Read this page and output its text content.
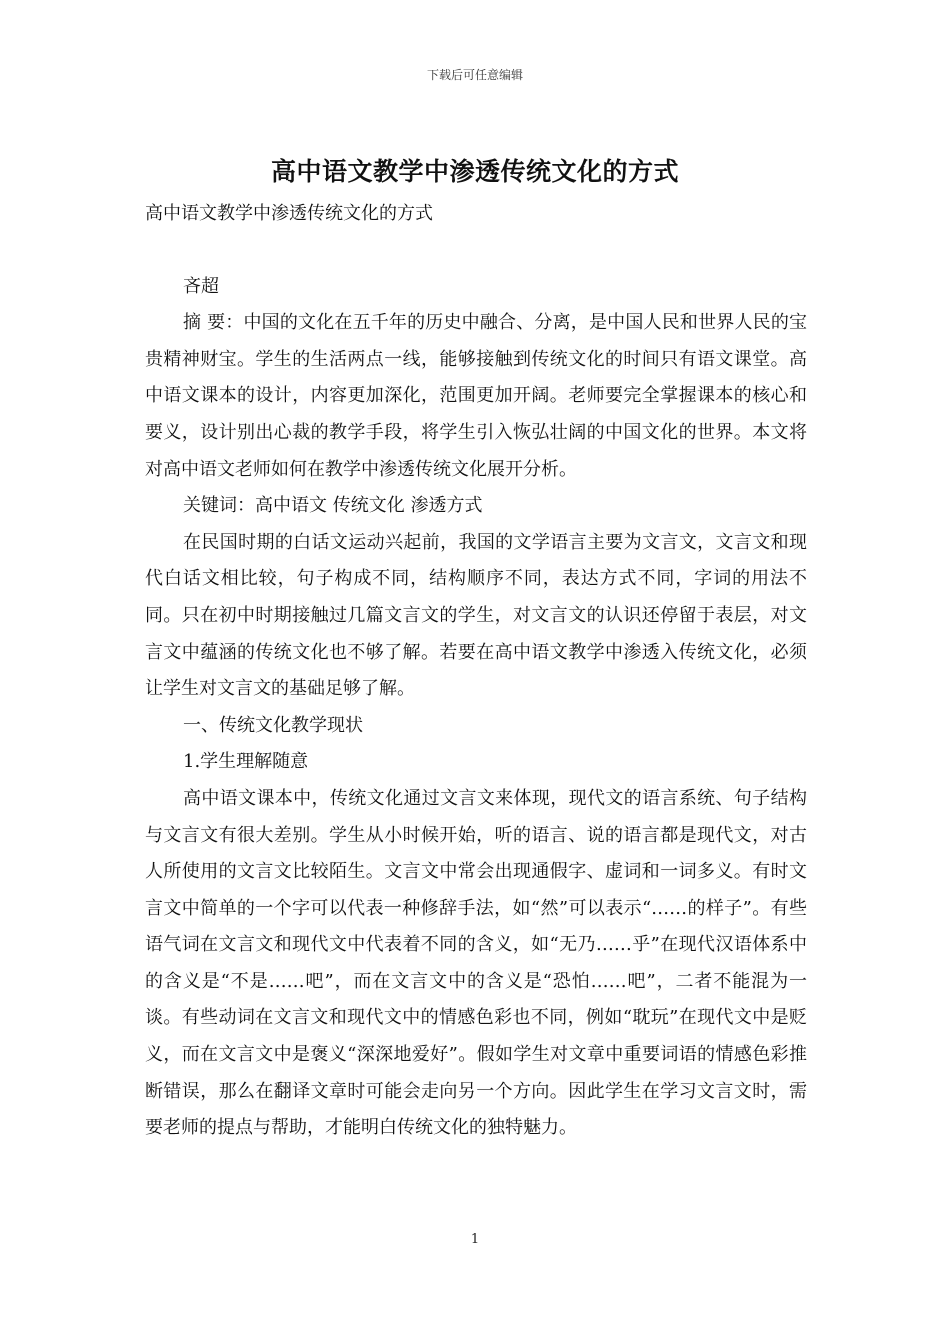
下载后可任意编辑
高中语文教学中渗透传统文化的方式

高中语文教学中渗透传统文化的方式

吝超

摘 要：中国的文化在五千年的历史中融合、分离，是中国人民和世界人民的宝贵精神财宝。学生的生活两点一线，能够接触到传统文化的时间只有语文课堂。高中语文课本的设计，内容更加深化，范围更加开阔。老师要完全掌握课本的核心和要义，设计别出心裁的教学手段，将学生引入恢弘壮阔的中国文化的世界。本文将对高中语文老师如何在教学中渗透传统文化展开分析。

关键词：高中语文 传统文化 渗透方式

在民国时期的白话文运动兴起前，我国的文学语言主要为文言文，文言文和现代白话文相比较，句子构成不同，结构顺序不同，表达方式不同，字词的用法不同。只在初中时期接触过几篇文言文的学生，对文言文的认识还停留于表层，对文言文中蕴涵的传统文化也不够了解。若要在高中语文教学中渗透入传统文化，必须让学生对文言文的基础足够了解。

一、传统文化教学现状

1.学生理解随意

高中语文课本中，传统文化通过文言文来体现，现代文的语言系统、句子结构与文言文有很大差别。学生从小时候开始，听的语言、说的语言都是现代文，对古人所使用的文言文比较陌生。文言文中常会出现通假字、虚词和一词多义。有时文言文中简单的一个字可以代表一种修辞手法，如“然”可以表示“……的样子”。有些语气词在文言文和现代文中代表着不同的含义，如“无乃……乎”在现代汉语体系中的含义是“不是……吧”，而在文言文中的含义是“恐怕……吧”，二者不能混为一谈。有些动词在文言文和现代文中的情感色彩也不同，例如“耽玩”在现代文中是贬义，而在文言文中是褒义“深深地爱好”。假如学生对文章中重要词语的情感色彩推断错误，那么在翻译文章时可能会走向另一个方向。因此学生在学习文言文时，需要老师的提点与帮助，才能明白传统文化的独特魅力。

1
